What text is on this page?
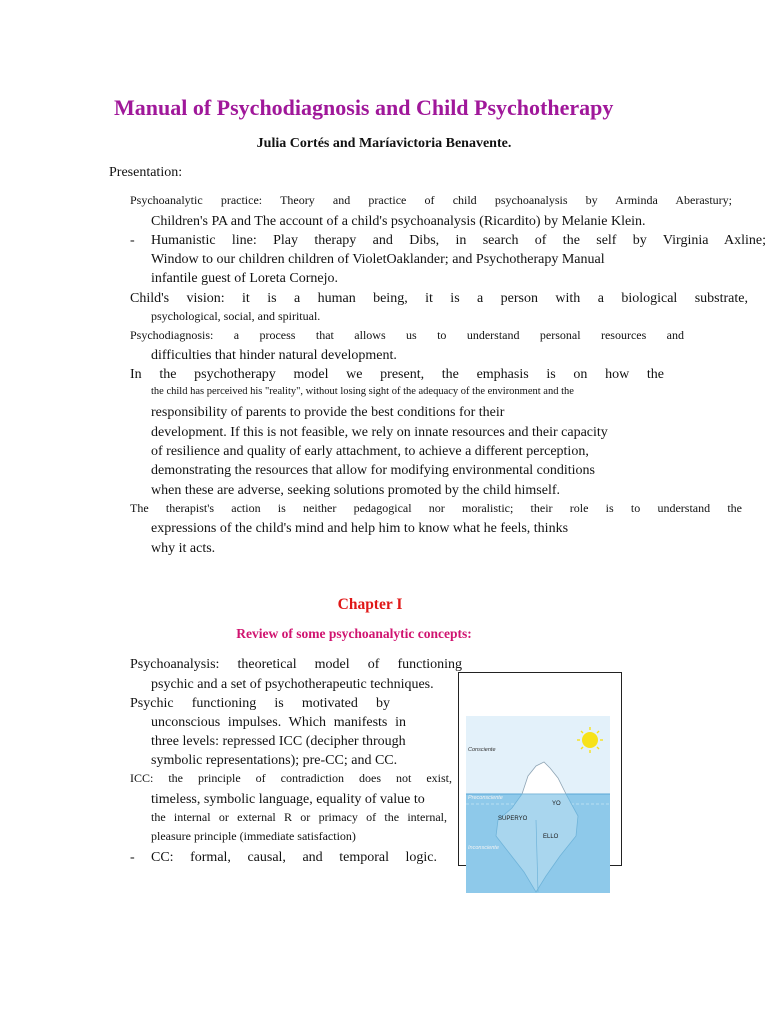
Manual of Psychodiagnosis and Child Psychotherapy
Julia Cortés and Maríavictoria Benavente.
Presentation:
Psychoanalytic practice: Theory and practice of child psychoanalysis by Arminda Aberastury;
Children's PA and The account of a child's psychoanalysis (Ricardito) by Melanie Klein.
- Humanistic line: Play therapy and Dibs, in search of the self by Virginia Axline;
Window to our children children of VioletOaklander; and Psychotherapy Manual
infantile guest of Loreta Cornejo.
Child's vision: it is a human being, it is a person with a biological substrate,
psychological, social, and spiritual.
Psychodiagnosis: a process that allows us to understand personal resources and
difficulties that hinder natural development.
In the psychotherapy model we present, the emphasis is on how the
the child has perceived his "reality", without losing sight of the adequacy of the environment and the
responsibility of parents to provide the best conditions for their
development. If this is not feasible, we rely on innate resources and their capacity
of resilience and quality of early attachment, to achieve a different perception,
demonstrating the resources that allow for modifying environmental conditions
when these are adverse, seeking solutions promoted by the child himself.
The therapist's action is neither pedagogical nor moralistic; their role is to understand the
expressions of the child's mind and help him to know what he feels, thinks
why it acts.
Chapter I
Review of some psychoanalytic concepts:
Psychoanalysis: theoretical model of functioning
psychic and a set of psychotherapeutic techniques.
Psychic functioning is motivated by
unconscious impulses. Which manifests in
three levels: repressed ICC (decipher through
symbolic representations); pre-CC; and CC.
ICC: the principle of contradiction does not exist,
timeless, symbolic language, equality of value to
the internal or external R or primacy of the internal,
pleasure principle (immediate satisfaction)
- CC: formal, causal, and temporal logic.
Consciente
Preconsciente
Inconsciente
YO
SUPERYO
ELLO
